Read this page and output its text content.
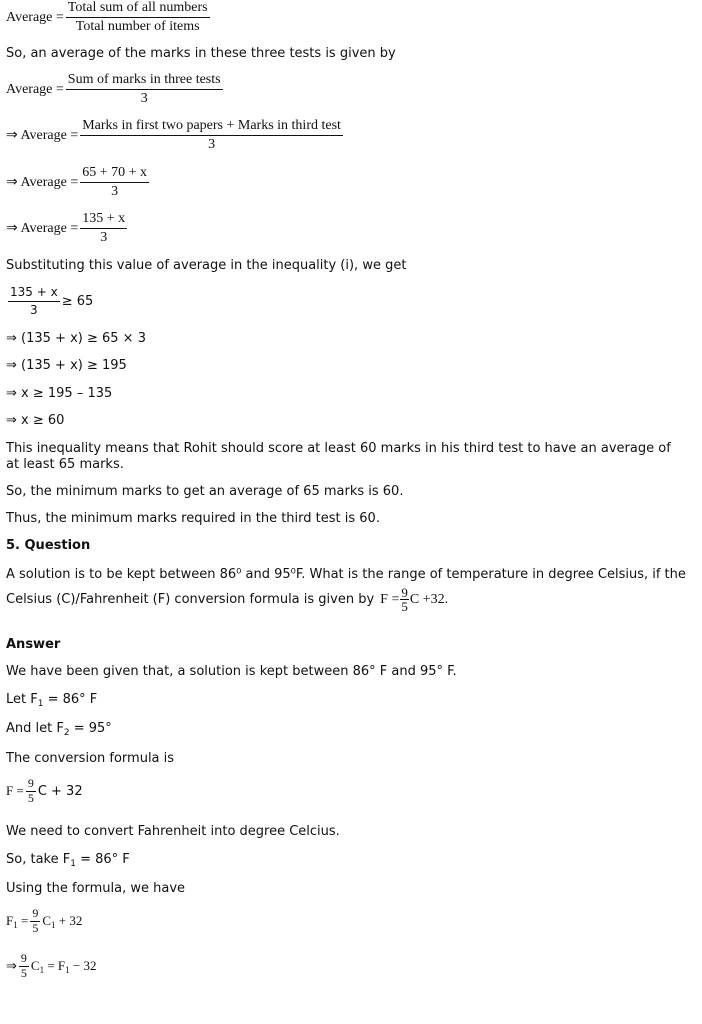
Average = $\frac{\text{Total sum of all numbers}}{\text{Total number of items}}$
So, an average of the marks in these three tests is given by
Average = $\frac{\text{Sum of marks in three tests}}{3}$
⇒ Average = $\frac{\text{Marks in first two papers + Marks in third test}}{3}$
⇒ Average = $\frac{65 + 70 + x}{3}$
⇒ Average = $\frac{135 + x}{3}$
Substituting this value of average in the inequality (i), we get
$\frac{135 + x}{3} \ge 65$
⇒ (135 + x) ≥ 65 × 3
⇒ (135 + x) ≥ 195
⇒ x ≥ 195 – 135
⇒ x ≥ 60
This inequality means that Rohit should score at least 60 marks in his third test to have an average of at least 65 marks.
So, the minimum marks to get an average of 65 marks is 60.
Thus, the minimum marks required in the third test is 60.
5. Question
A solution is to be kept between 86⁰ and 95⁰F. What is the range of temperature in degree Celsius, if the
Celsius (C)/Fahrenheit (F) conversion formula is given by $F = \frac{9}{5}$ C +32.
Answer
We have been given that, a solution is kept between 86° F and 95° F.
Let $F_1 = 86^\circ$ F
And let $F_2 = 95^\circ$
The conversion formula is
$F = \frac{9}{5}$ C + 32
We need to convert Fahrenheit into degree Celcius.
So, take $F_1 = 86^\circ$ F
Using the formula, we have
$F_1 = \frac{9}{5} C_1 + 32$
⇒ $\frac{9}{5} C_1 = F_1 - 32$
